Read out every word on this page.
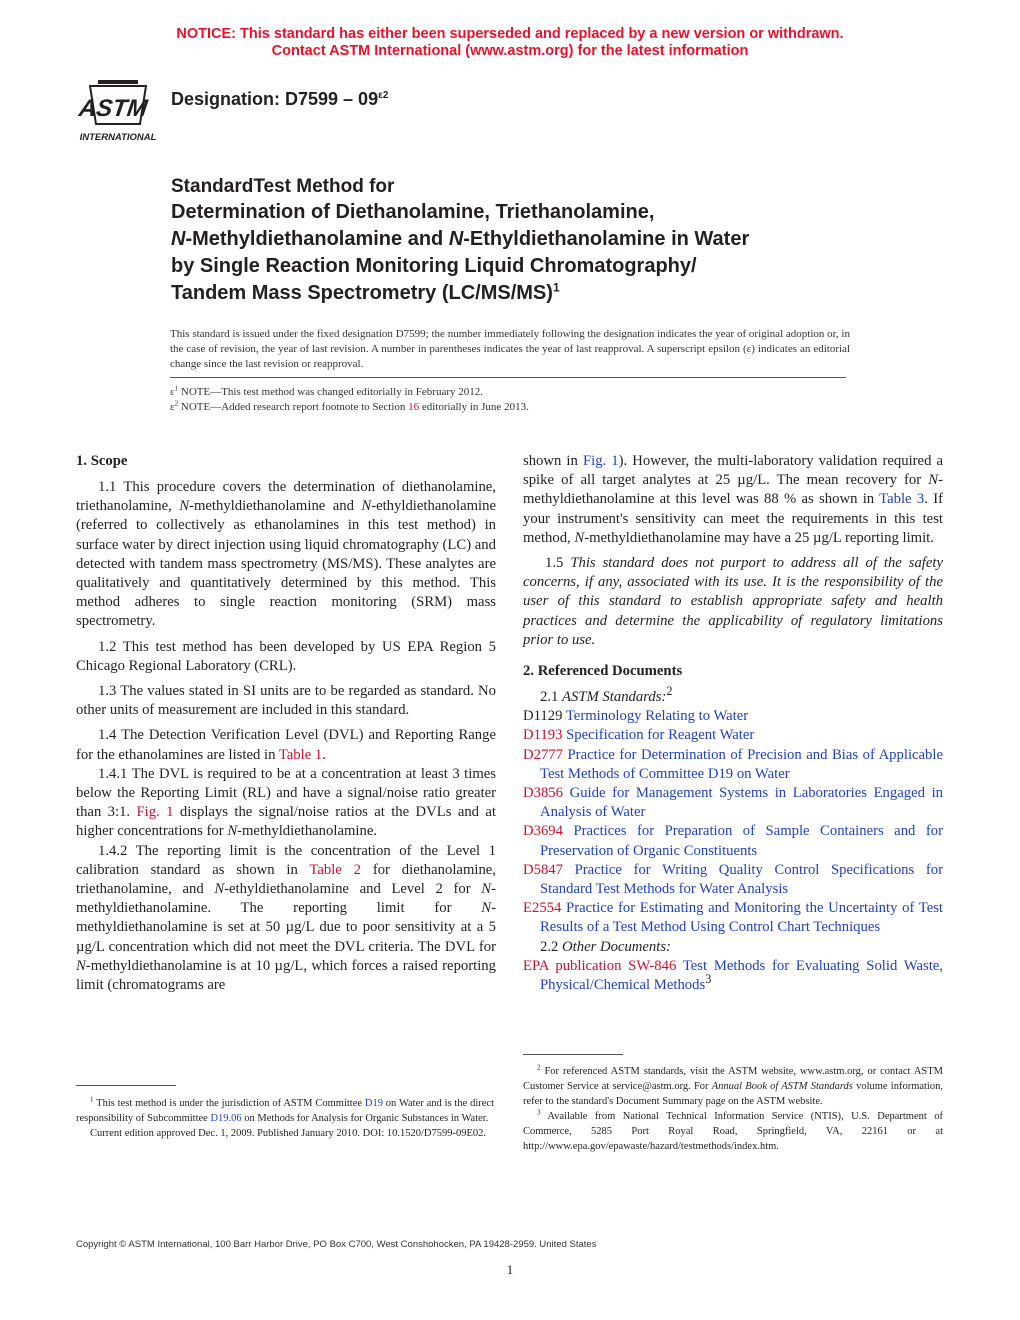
NOTICE: This standard has either been superseded and replaced by a new version or withdrawn.
Contact ASTM International (www.astm.org) for the latest information
ASTM
INTERNATIONAL
Designation: $D7599 - 09^{\varepsilon 2}$
StandardTest Method for
Determination of Diethanolamine, Triethanolamine,
N-Methyldiethanolamine and N-Ethyldiethanolamine in Water
by Single Reaction Monitoring Liquid Chromatography/
Tandem Mass Spectrometry $(LC/MS/MS)^1$
This standard is issued under the fixed designation D7599; the number immediately following the designation indicates the year of original adoption or, in the case of revision, the year of last revision. A number in parentheses indicates the year of last reapproval. A superscript epsilon (ε) indicates an editorial change since the last revision or reapproval.
$\varepsilon^1$ NOTE—This test method was changed editorially in February 2012.
$\varepsilon^2$ NOTE—Added research report footnote to Section 16 editorially in June 2013.
1. Scope

1.1 This procedure covers the determination of diethanolamine, triethanolamine, N-methyldiethanolamine and N-ethyldiethanolamine (referred to collectively as ethanolamines in this test method) in surface water by direct injection using liquid chromatography (LC) and detected with tandem mass spectrometry (MS/MS). These analytes are qualitatively and quantitatively determined by this method. This method adheres to single reaction monitoring (SRM) mass spectrometry.

1.2 This test method has been developed by US EPA Region 5 Chicago Regional Laboratory (CRL).

1.3 The values stated in SI units are to be regarded as standard. No other units of measurement are included in this standard.

1.4 The Detection Verification Level (DVL) and Reporting Range for the ethanolamines are listed in Table 1.

1.4.1 The DVL is required to be at a concentration at least 3 times below the Reporting Limit (RL) and have a signal/noise ratio greater than 3:1. Fig. 1 displays the signal/noise ratios at the DVLs and at higher concentrations for N-methyldiethanolamine.

1.4.2 The reporting limit is the concentration of the Level 1 calibration standard as shown in Table 2 for diethanolamine, triethanolamine, and N-ethyldiethanolamine and Level 2 for N-methyldiethanolamine. The reporting limit for N-methyldiethanolamine is set at 50 µg/L due to poor sensitivity at a 5 µg/L concentration which did not meet the DVL criteria. The DVL for N-methyldiethanolamine is at 10 µg/L, which forces a raised reporting limit (chromatograms are

$^1$ This test method is under the jurisdiction of ASTM Committee D19 on Water and is the direct responsibility of Subcommittee D19.06 on Methods for Analysis for Organic Substances in Water.
Current edition approved Dec. 1, 2009. Published January 2010. DOI: 10.1520/D7599-09E02.

shown in Fig. 1). However, the multi-laboratory validation required a spike of all target analytes at 25 µg/L. The mean recovery for N-methyldiethanolamine at this level was 88 % as shown in Table 3. If your instrument's sensitivity can meet the requirements in this test method, N-methyldiethanolamine may have a 25 µg/L reporting limit.

1.5 This standard does not purport to address all of the safety concerns, if any, associated with its use. It is the responsibility of the user of this standard to establish appropriate safety and health practices and determine the applicability of regulatory limitations prior to use.

2. Referenced Documents

2.1 ASTM Standards:$^2$

D1129 Terminology Relating to Water

D1193 Specification for Reagent Water

D2777 Practice for Determination of Precision and Bias of Applicable Test Methods of Committee D19 on Water

D3856 Guide for Management Systems in Laboratories Engaged in Analysis of Water

D3694 Practices for Preparation of Sample Containers and for Preservation of Organic Constituents

D5847 Practice for Writing Quality Control Specifications for Standard Test Methods for Water Analysis

E2554 Practice for Estimating and Monitoring the Uncertainty of Test Results of a Test Method Using Control Chart Techniques

2.2 Other Documents:

EPA publication SW-846 Test Methods for Evaluating Solid Waste, Physical/Chemical Methods$^3$

$^2$ For referenced ASTM standards, visit the ASTM website, www.astm.org, or contact ASTM Customer Service at service@astm.org. For Annual Book of ASTM Standards volume information, refer to the standard's Document Summary page on the ASTM website.
$^3$ Available from National Technical Information Service (NTIS), U.S. Department of Commerce, 5285 Port Royal Road, Springfield, VA, 22161 or at http://www.epa.gov/epawaste/hazard/testmethods/index.htm.
Copyright © ASTM International, 100 Barr Harbor Drive, PO Box C700, West Conshohocken, PA 19428-2959. United States
1
